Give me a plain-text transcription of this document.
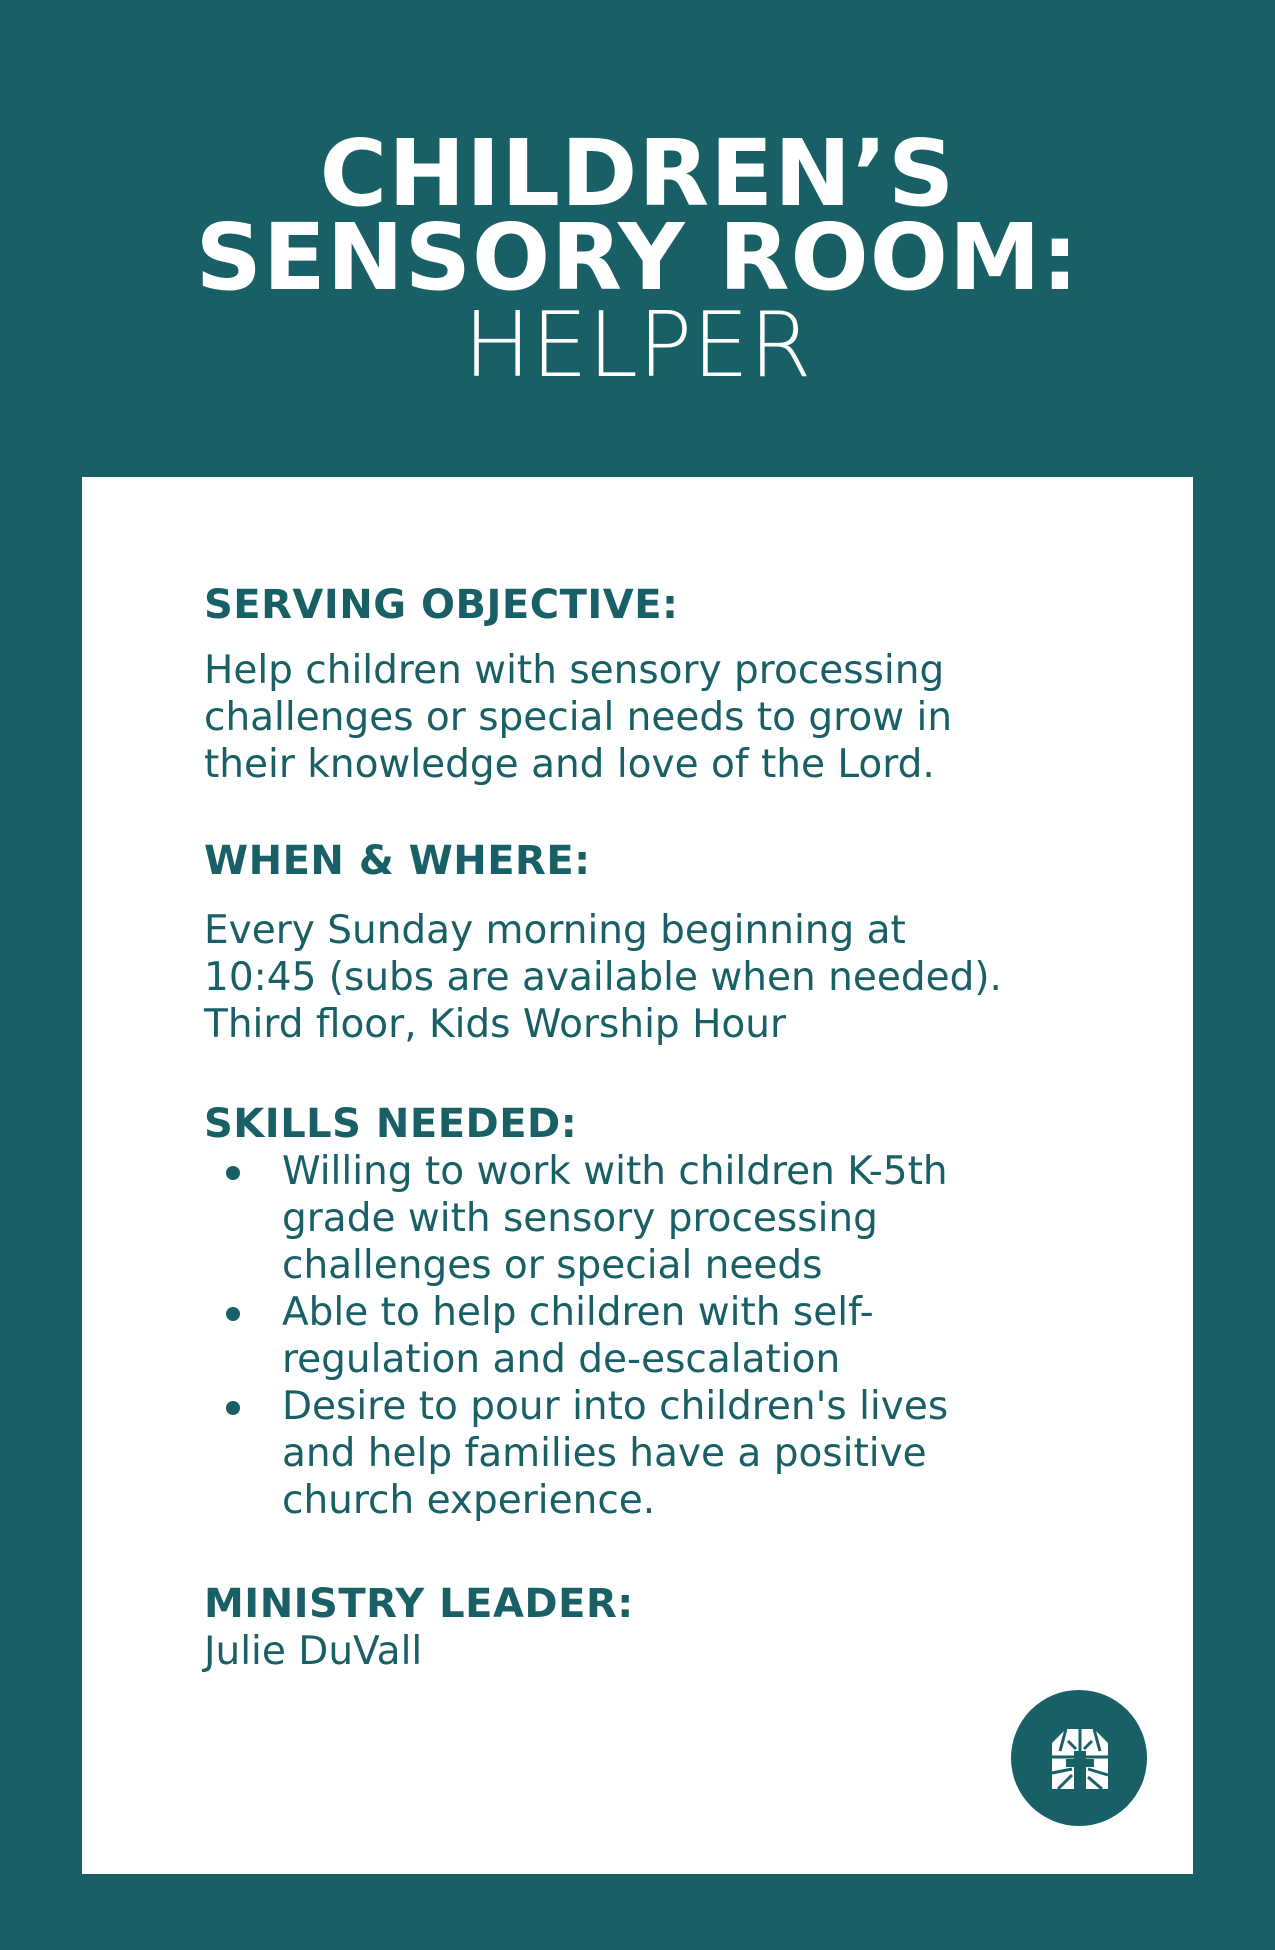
CHILDREN’S
SENSORY ROOM:
HELPER
SERVING OBJECTIVE:

Help children with sensory processing challenges or special needs to grow in their knowledge and love of the Lord.

WHEN & WHERE:

Every Sunday morning beginning at

10:45 (subs are available when needed).

Third floor, Kids Worship Hour

SKILLS NEEDED:
Willing to work with children K-5th grade with sensory processing challenges or special needs
Able to help children with self-regulation and de-escalation
Desire to pour into children's lives and help families have a positive church experience.
MINISTRY LEADER:

Julie DuVall
